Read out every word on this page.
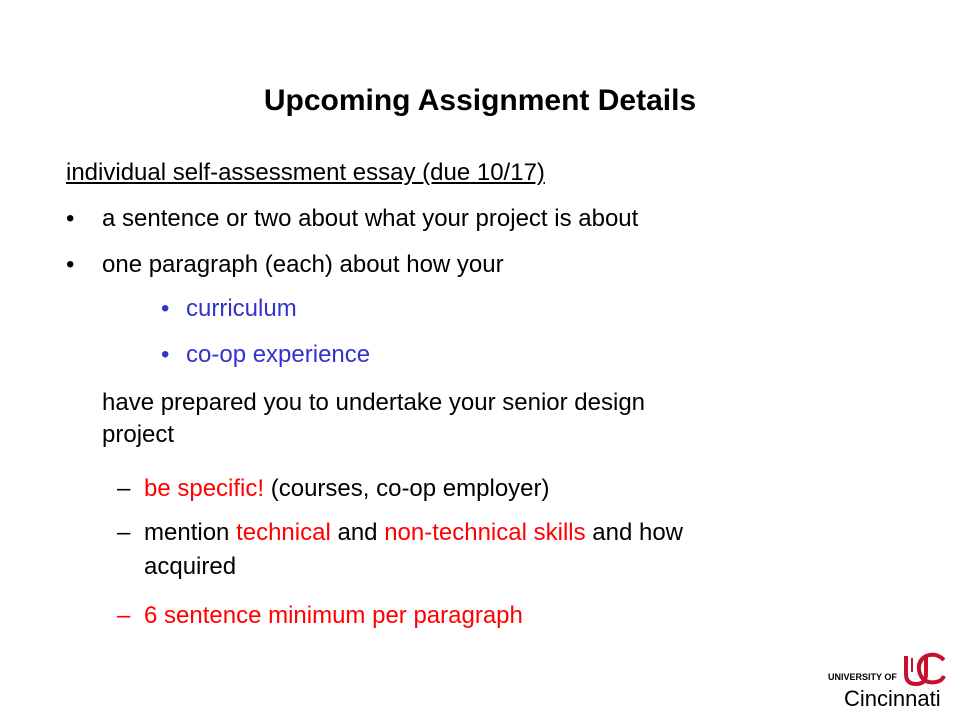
Upcoming Assignment Details
individual self-assessment essay (due 10/17)
• a sentence or two about what your project is about
• one paragraph (each) about how your
• curriculum
• co-op experience
have prepared you to undertake your senior design
project
– be specific! (courses, co-op employer)
– mention technical and non-technical skills and how
acquired
– 6 sentence minimum per paragraph
UNIVERSITY OF
Cincinnati
